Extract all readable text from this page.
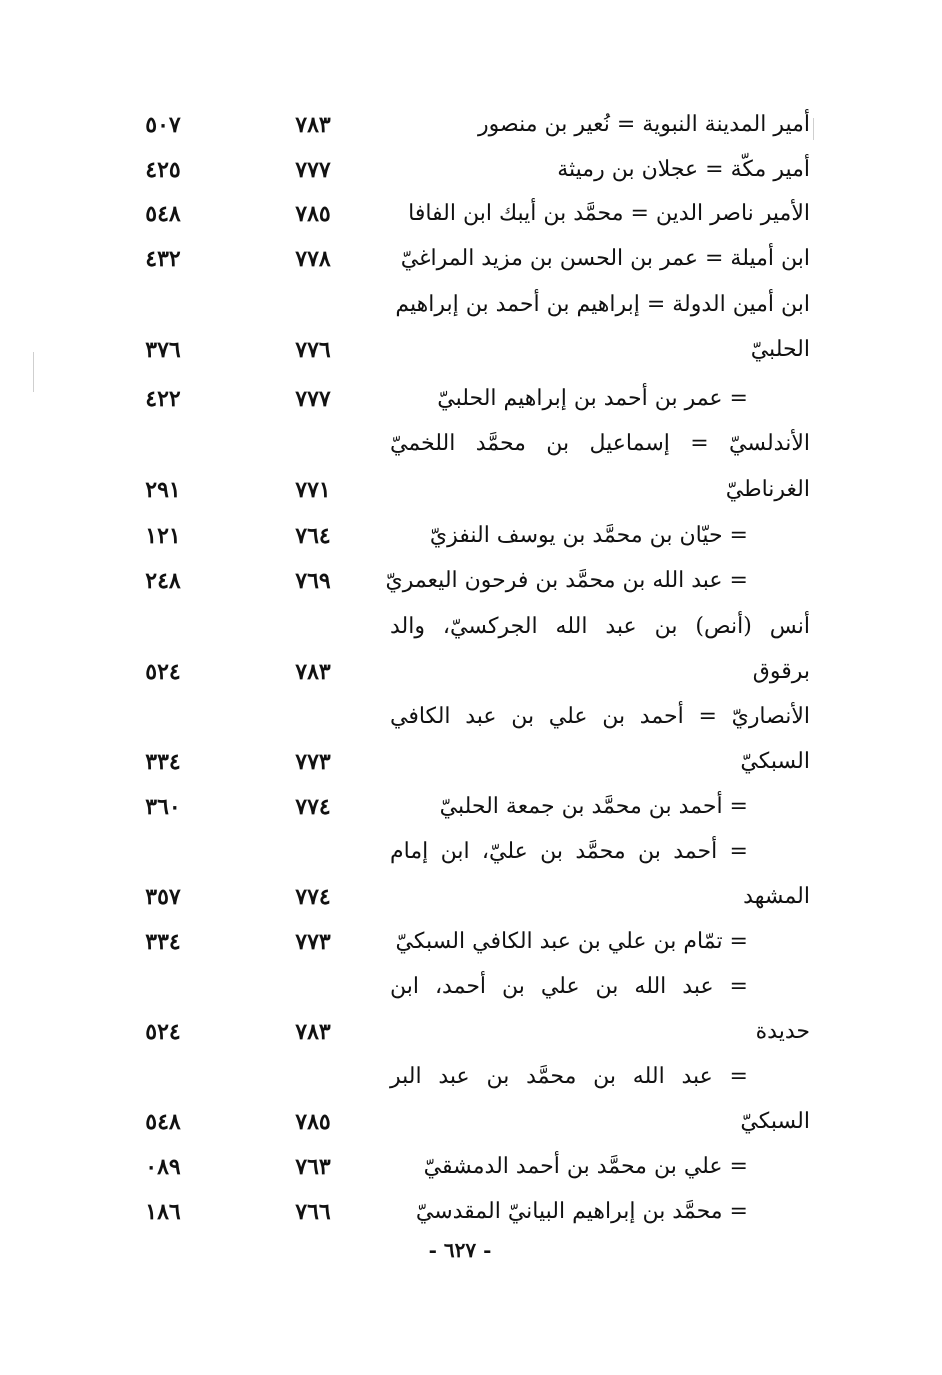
أمير المدينة النبوية = نُعير بن منصور
٧٨٣
٥٠٧
أمير مكّة = عجلان بن رميثة
٧٧٧
٤٢٥
الأمير ناصر الدين = محمَّد بن أيبك ابن الفافا
٧٨٥
٥٤٨
ابن أميلة = عمر بن الحسن بن مزيد المراغيّ
٧٧٨
٤٣٢
ابن أمين الدولة = إبراهيم بن أحمد بن إبراهيم
الحلبيّ
٧٧٦
٣٧٦
= عمر بن أحمد بن إبراهيم الحلبيّ
٧٧٧
٤٢٢
الأندلسيّ = إسماعيل بن محمَّد اللخميّ
الغرناطيّ
٧٧١
٢٩١
= حيّان بن محمَّد بن يوسف النفزيّ
٧٦٤
١٢١
= عبد الله بن محمَّد بن فرحون اليعمريّ
٧٦٩
٢٤٨
أنس (أنص) بن عبد الله الجركسيّ، والد
برقوق
٧٨٣
٥٢٤
الأنصاريّ = أحمد بن علي بن عبد الكافي
السبكيّ
٧٧٣
٣٣٤
= أحمد بن محمَّد بن جمعة الحلبيّ
٧٧٤
٣٦٠
= أحمد بن محمَّد بن عليّ، ابن إمام
المشهد
٧٧٤
٣٥٧
= تمّام بن علي بن عبد الكافي السبكيّ
٧٧٣
٣٣٤
= عبد الله بن علي بن أحمد، ابن
حديدة
٧٨٣
٥٢٤
= عبد الله بن محمَّد بن عبد البر
السبكيّ
٧٨٥
٥٤٨
= علي بن محمَّد بن أحمد الدمشقيّ
٧٦٣
٠٨٩
= محمَّد بن إبراهيم البيانيّ المقدسيّ
٧٦٦
١٨٦
- ٦٢٧ -
